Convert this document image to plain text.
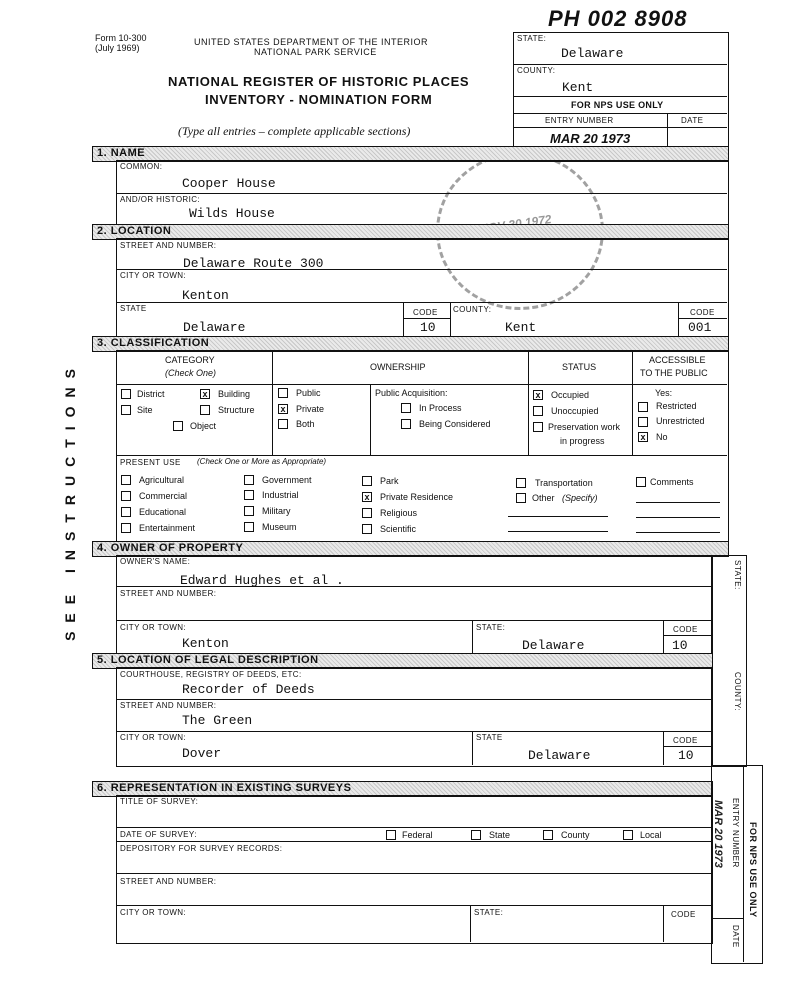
Form 10-300
(July 1969)
UNITED STATES DEPARTMENT OF THE INTERIOR
NATIONAL PARK SERVICE
NATIONAL REGISTER OF HISTORIC PLACES
INVENTORY - NOMINATION FORM
(Type all entries – complete applicable sections)
PH 002 8908
SEE INSTRUCTIONS
STATE:
Delaware
COUNTY:
Kent
FOR NPS USE ONLY
ENTRY NUMBER	DATE
MAR 20 1973
1. NAME
COMMON:
Cooper House
AND/OR HISTORIC:
Wilds House
2. LOCATION
STREET AND NUMBER:
Delaware Route 300
CITY OR TOWN:
Kenton
STATE
Delaware
CODE
10
COUNTY:
Kent
CODE
001
3. CLASSIFICATION
CATEGORY
(Check One)
OWNERSHIP	STATUS
ACCESSIBLE
TO THE PUBLIC
District	x Building
Site	Structure
Object
Public
x Private
Both
Public Acquisition:
In Process
Being Considered
x Occupied
Unoccupied
Preservation work
in progress
Yes:
Restricted
Unrestricted
x No
PRESENT USE (Check One or More as Appropriate)
Agricultural
Commercial
Educational
Entertainment
Government
Industrial
Military
Museum
Park
x Private Residence
Religious
Scientific
Transportation
Other (Specify)
Comments
4. OWNER OF PROPERTY
OWNER'S NAME:
Edward Hughes et al .
STREET AND NUMBER:
CITY OR TOWN:
Kenton
STATE:
Delaware
CODE
10
STATE:
5. LOCATION OF LEGAL DESCRIPTION
COURTHOUSE, REGISTRY OF DEEDS, ETC:
Recorder of Deeds
STREET AND NUMBER:
The Green
CITY OR TOWN:
Dover
STATE
Delaware
CODE
10
COUNTY:
6. REPRESENTATION IN EXISTING SURVEYS
TITLE OF SURVEY:
DATE OF SURVEY:	Federal	State	County	Local
DEPOSITORY FOR SURVEY RECORDS:
STREET AND NUMBER:
CITY OR TOWN:	STATE:	CODE
ENTRY NUMBER
DATE
FOR NPS USE ONLY
MAR 20 1973
